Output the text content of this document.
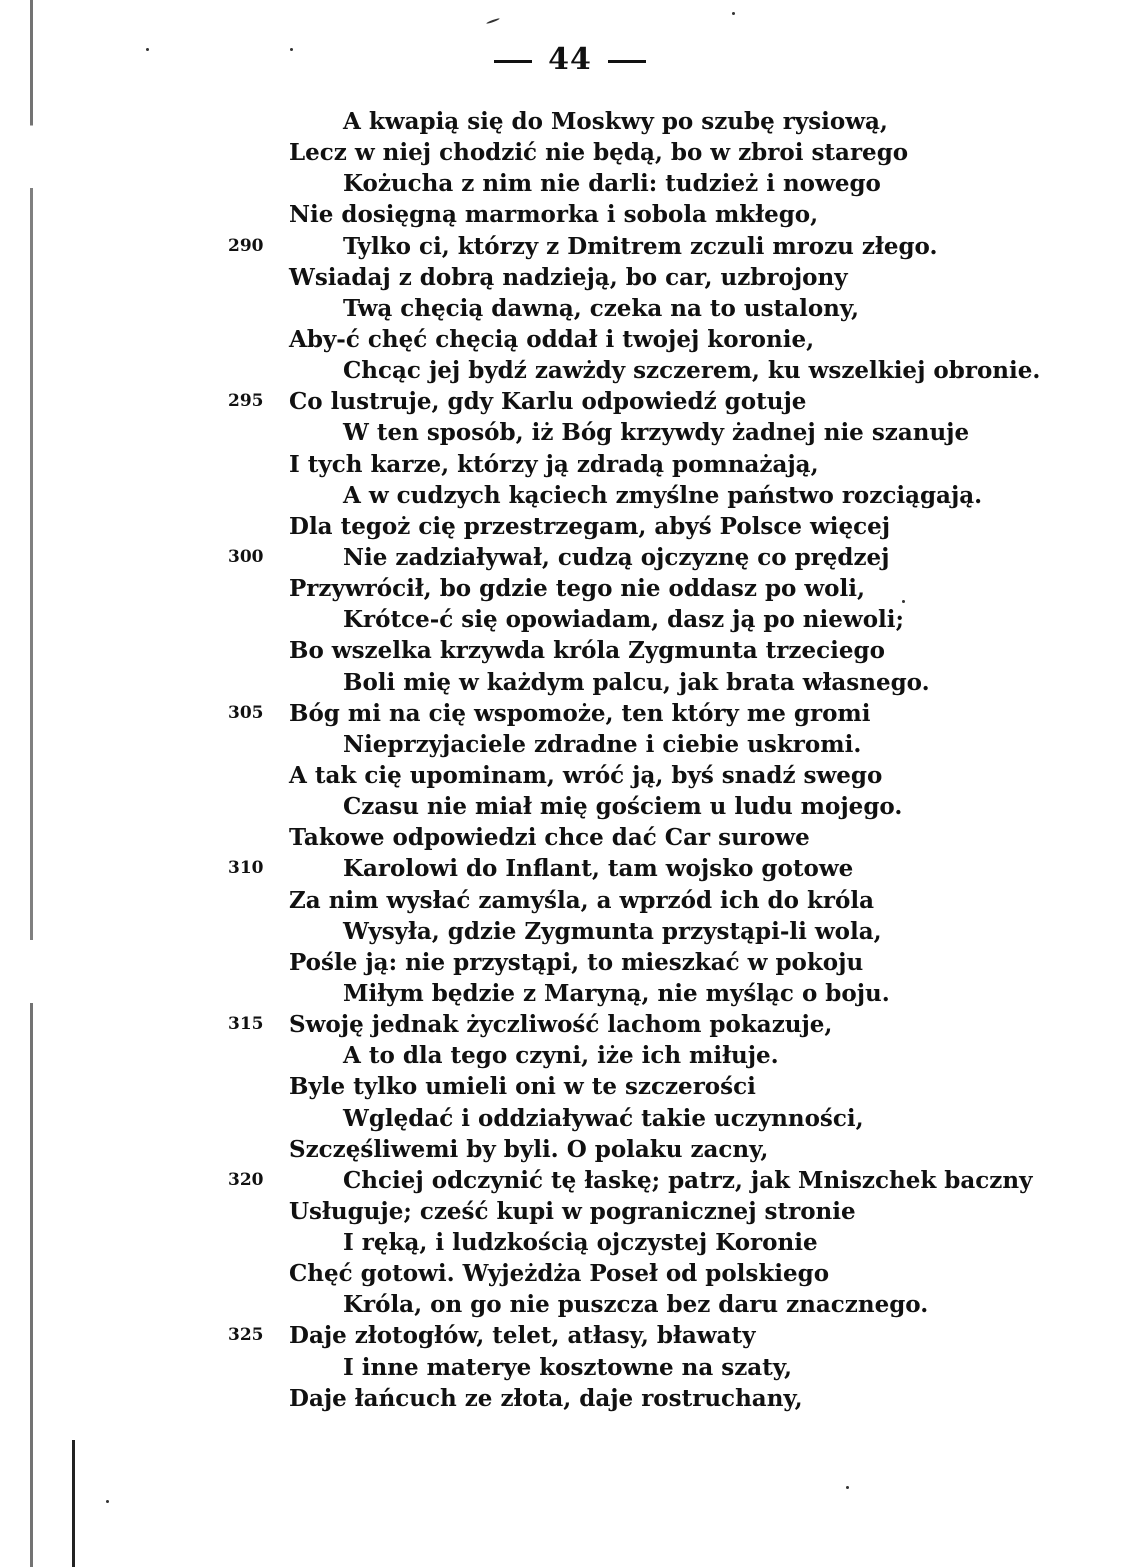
44
A kwapią się do Moskwy po szubę rysiową,
Lecz w niej chodzić nie będą, bo w zbroi starego
Kożucha z nim nie darli: tudzież i nowego
Nie dosięgną marmorka i sobola mkłego,
290	Tylko ci, którzy z Dmitrem zczuli mrozu złego.
Wsiadaj z dobrą nadzieją, bo car, uzbrojony
Twą chęcią dawną, czeka na to ustalony,
Aby-ć chęć chęcią oddał i twojej koronie,
Chcąc jej bydź zawżdy szczerem, ku wszelkiej obronie.
295	Co lustruje, gdy Karlu odpowiedź gotuje
W ten sposób, iż Bóg krzywdy żadnej nie szanuje
I tych karze, którzy ją zdradą pomnażają,
A w cudzych kąciech zmyślne państwo rozciągają.
Dla tegoż cię przestrzegam, abyś Polsce więcej
300	Nie zadziaływał, cudzą ojczyznę co prędzej
Przywrócił, bo gdzie tego nie oddasz po woli,
Krótce-ć się opowiadam, dasz ją po niewoli;
Bo wszelka krzywda króla Zygmunta trzeciego
Boli mię w każdym palcu, jak brata własnego.
305	Bóg mi na cię wspomoże, ten który me gromi
Nieprzyjaciele zdradne i ciebie uskromi.
A tak cię upominam, wróć ją, byś snadź swego
Czasu nie miał mię gościem u ludu mojego.
Takowe odpowiedzi chce dać Car surowe
310	Karolowi do Inflant, tam wojsko gotowe
Za nim wysłać zamyśla, a wprzód ich do króla
Wysyła, gdzie Zygmunta przystąpi-li wola,
Pośle ją: nie przystąpi, to mieszkać w pokoju
Miłym będzie z Maryną, nie myśląc o boju.
315	Swoję jednak życzliwość lachom pokazuje,
A to dla tego czyni, iże ich miłuje.
Byle tylko umieli oni w te szczerości
Wględać i oddziaływać takie uczynności,
Szczęśliwemi by byli. O polaku zacny,
320	Chciej odczynić tę łaskę; patrz, jak Mniszchek baczny
Usługuje; cześć kupi w pogranicznej stronie
I ręką, i ludzkością ojczystej Koronie
Chęć gotowi. Wyjeżdża Poseł od polskiego
Króla, on go nie puszcza bez daru znacznego.
325	Daje złotogłów, telet, atłasy, bławaty
I inne materye kosztowne na szaty,
Daje łańcuch ze złota, daje rostruchany,
